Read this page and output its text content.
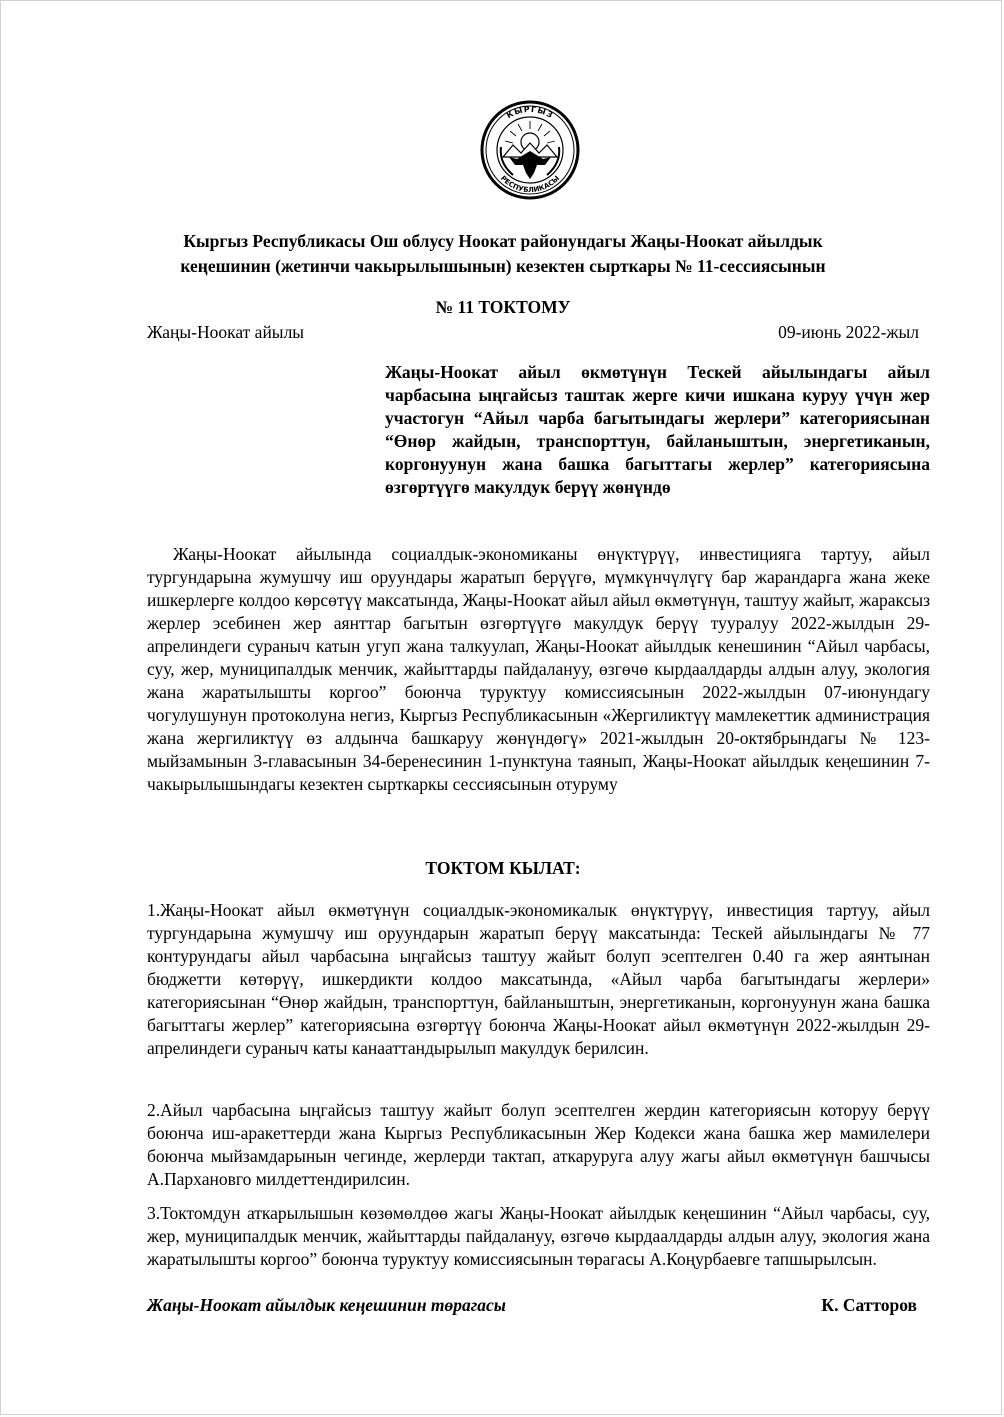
КЫРГЫЗ
РЕСПУБЛИКАСЫ
Кыргыз Республикасы Ош облусу Ноокат районундагы Жаңы-Ноокат айылдык
кеңешинин (жетинчи чакырылышынын) кезектен сырткары № 11-сессиясынын
№ 11 ТОКТОМУ
Жаңы-Ноокат айылы	09-июнь 2022-жыл
Жаңы-Ноокат айыл өкмөтүнүн Тескей айылындагы айыл чарбасына ыңгайсыз таштак жерге кичи ишкана куруу үчүн жер участогун “Айыл чарба багытындагы жерлери” категориясынан “Өнөр жайдын, транспорттун, байланыштын, энергетиканын, коргонуунун жана башка багыттагы жерлер” категориясына өзгөртүүгө макулдук берүү жөнүндө
Жаңы-Ноокат айылында социалдык-экономиканы өнүктүрүү, инвестицияга тартуу, айыл тургундарына жумушчу иш оруундары жаратып берүүгө, мүмкүнчүлүгү бар жарандарга жана жеке ишкерлерге колдоо көрсөтүү максатында, Жаңы-Ноокат айыл айыл өкмөтүнүн, таштуу жайыт, жараксыз жерлер эсебинен жер аянттар багытын өзгөртүүгө макулдук берүү тууралуу 2022-жылдын 29-апрелиндеги сураныч катын угуп жана талкуулап, Жаңы-Ноокат айылдык кенешинин “Айыл чарбасы, суу, жер, муниципалдык менчик, жайыттарды пайдалануу, өзгөчө кырдаалдарды алдын алуу, экология жана жаратылышты коргоо” боюнча туруктуу комиссиясынын 2022-жылдын 07-июнундагу чогулушунун протоколуна негиз, Кыргыз Республикасынын «Жергиликтүү мамлекеттик администрация жана жергиликтүү өз алдынча башкаруу жөнүндөгү» 2021-жылдын 20-октябрындагы № 123-мыйзамынын 3-главасынын 34-беренесинин 1-пунктуна таянып, Жаңы-Ноокат айылдык кеңешинин 7-чакырылышындагы кезектен сырткаркы сессиясынын отуруму
ТОКТОМ КЫЛАТ:
1.Жаңы-Ноокат айыл өкмөтүнүн социалдык-экономикалык өнүктүрүү, инвестиция тартуу, айыл тургундарына жумушчу иш оруундарын жаратып берүү максатында: Тескей айылындагы № 77 контурундагы айыл чарбасына ыңгайсыз таштуу жайыт болуп эсептелген 0.40 га жер аянтынан бюджетти көтөрүү, ишкердикти колдоо максатында, «Айыл чарба багытындагы жерлери» категориясынан “Өнөр жайдын, транспорттун, байланыштын, энергетиканын, коргонуунун жана башка багыттагы жерлер” категориясына өзгөртүү боюнча Жаңы-Ноокат айыл өкмөтүнүн 2022-жылдын 29-апрелиндеги сураныч каты канааттандырылып макулдук берилсин.
2.Айыл чарбасына ыңгайсыз таштуу жайыт болуп эсептелген жердин категориясын которуу берүү боюнча иш-аракеттерди жана Кыргыз Республикасынын Жер Кодекси жана башка жер мамилелери боюнча мыйзамдарынын чегинде, жерлерди тактап, аткаруруга алуу жагы айыл өкмөтүнүн башчысы А.Пархановго милдеттендирилсин.
3.Токтомдун аткарылышын көзөмөлдөө жагы Жаңы-Ноокат айылдык кеңешинин “Айыл чарбасы, суу, жер, муниципалдык менчик, жайыттарды пайдалануу, өзгөчө кырдаалдарды алдын алуу, экология жана жаратылышты коргоо” боюнча туруктуу комиссиясынын төрагасы А.Коңурбаевге тапшырылсын.
Жаңы-Ноокат айылдык кеңешинин төрагасы	К. Сатторов
